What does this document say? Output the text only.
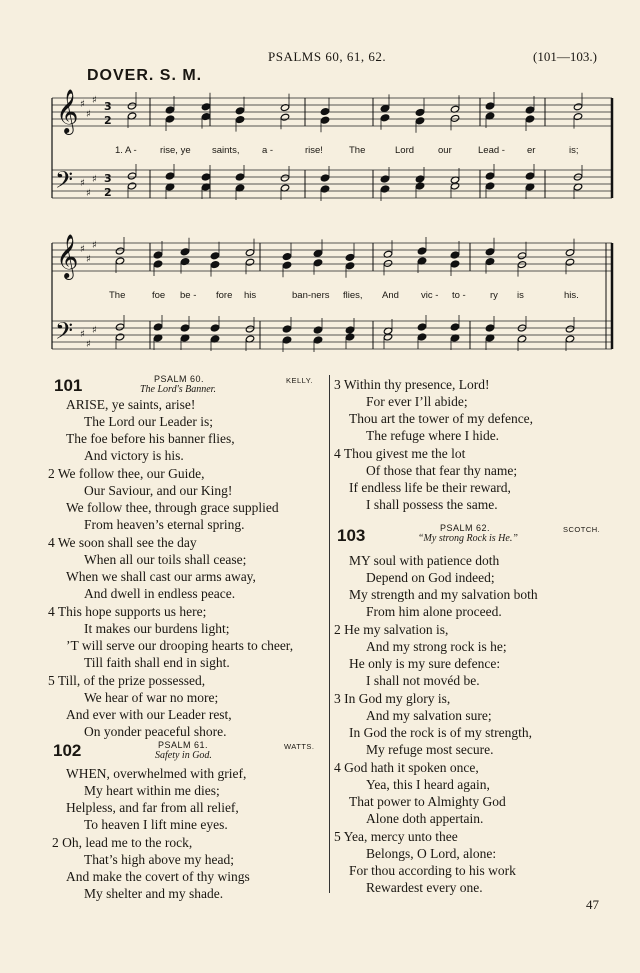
PSALMS 60, 61, 62.	(101—103.)
DOVER. S. M.
𝄞
𝄢
♯
♯
♯
♯
♯
♯
3
2
3
2
𝄞
𝄢
♯
♯
♯
♯
♯
♯
1. A - rise, ye saints, a -	rise!	The	Lord	our	Lead - er	is;
The	foe be - fore his	ban-ners flies, And vic - to -	ry is	his.
101	PSALM 60.	KELLY.
The Lord's Banner.
102	PSALM 61.	WATTS.
Safety in God.
103	PSALM 62.	SCOTCH.
“My strong Rock is He.”
ARISE, ye saints, arise!
The Lord our Leader is;
The foe before his banner flies,
And victory is his.
2 We follow thee, our Guide,
Our Saviour, and our King!
We follow thee, through grace supplied
From heaven’s eternal spring.
4 We soon shall see the day
When all our toils shall cease;
When we shall cast our arms away,
And dwell in endless peace.
4 This hope supports us here;
It makes our burdens light;
’T will serve our drooping hearts to cheer,
Till faith shall end in sight.
5 Till, of the prize possessed,
We hear of war no more;
And ever with our Leader rest,
On yonder peaceful shore.
WHEN, overwhelmed with grief,
My heart within me dies;
Helpless, and far from all relief,
To heaven I lift mine eyes.
2 Oh, lead me to the rock,
That’s high above my head;
And make the covert of thy wings
My shelter and my shade.
3 Within thy presence, Lord!
For ever I’ll abide;
Thou art the tower of my defence,
The refuge where I hide.
4 Thou givest me the lot
Of those that fear thy name;
If endless life be their reward,
I shall possess the same.
MY soul with patience doth
Depend on God indeed;
My strength and my salvation both
From him alone proceed.
2 He my salvation is,
And my strong rock is he;
He only is my sure defence:
I shall not movéd be.
3 In God my glory is,
And my salvation sure;
In God the rock is of my strength,
My refuge most secure.
4 God hath it spoken once,
Yea, this I heard again,
That power to Almighty God
Alone doth appertain.
5 Yea, mercy unto thee
Belongs, O Lord, alone:
For thou according to his work
Rewardest every one.
47
